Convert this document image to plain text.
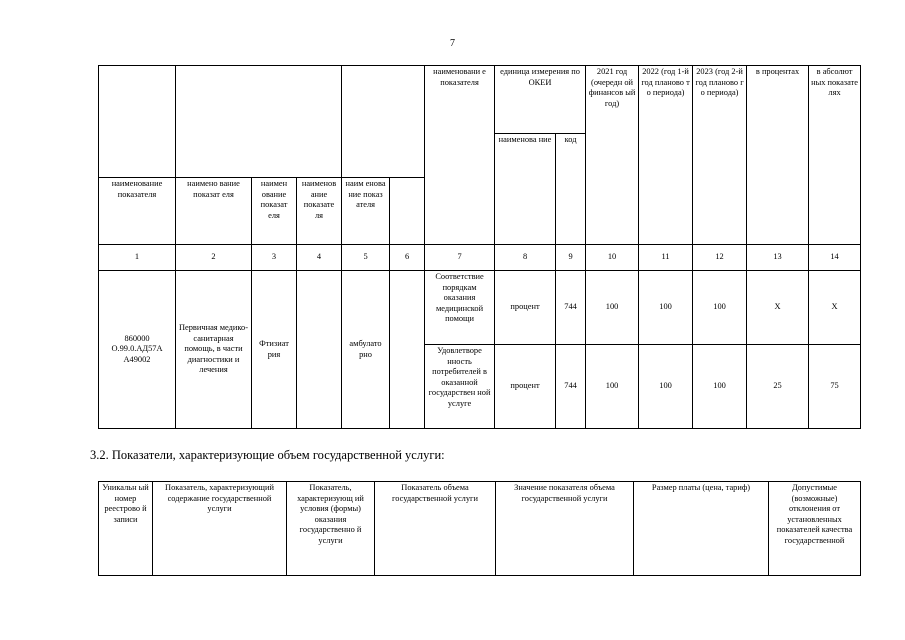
7
						наименовани е показателя	единица измерения по ОКЕИ		2021 год (очередн ой финансов ый год)	2022 (год 1-й год планово т о периода)	2023 (год 2-й год планово г о периода)	в процентах	в абсолют ных показате лях
							наименова ние	код					
наименование показателя	наимено вание показат еля	наимен ование показат еля	наименов ание показате ля	наим енова ние показ ателя									
1	2	3	4	5	6	7	8	9	10	11	12	13	14
860000 О.99.0.АД57А А49002	Первичная медико-санитарная помощь, в части диагностики и лечения	Фтизиат рия		амбулато рно		Соответствие порядкам оказания медицинской помощи	процент	744	100	100	100	X	X
						Удовлетворе нность потребителей в оказанной государствен ной услуге	процент	744	100	100	100	25	75
3.2. Показатели, характеризующие объем государственной услуги:
Уникальн ый номер реестрово й записи	Показатель, характеризующий содержание государственной услуги	Показатель, характеризующ ий условия (формы) оказания государственно й услуги	Показатель объема государственной услуги	Значение показателя объема государственной услуги	Размер платы (цена, тариф)	Допустимые (возможные) отклонения от установленных показателей качества государственной
